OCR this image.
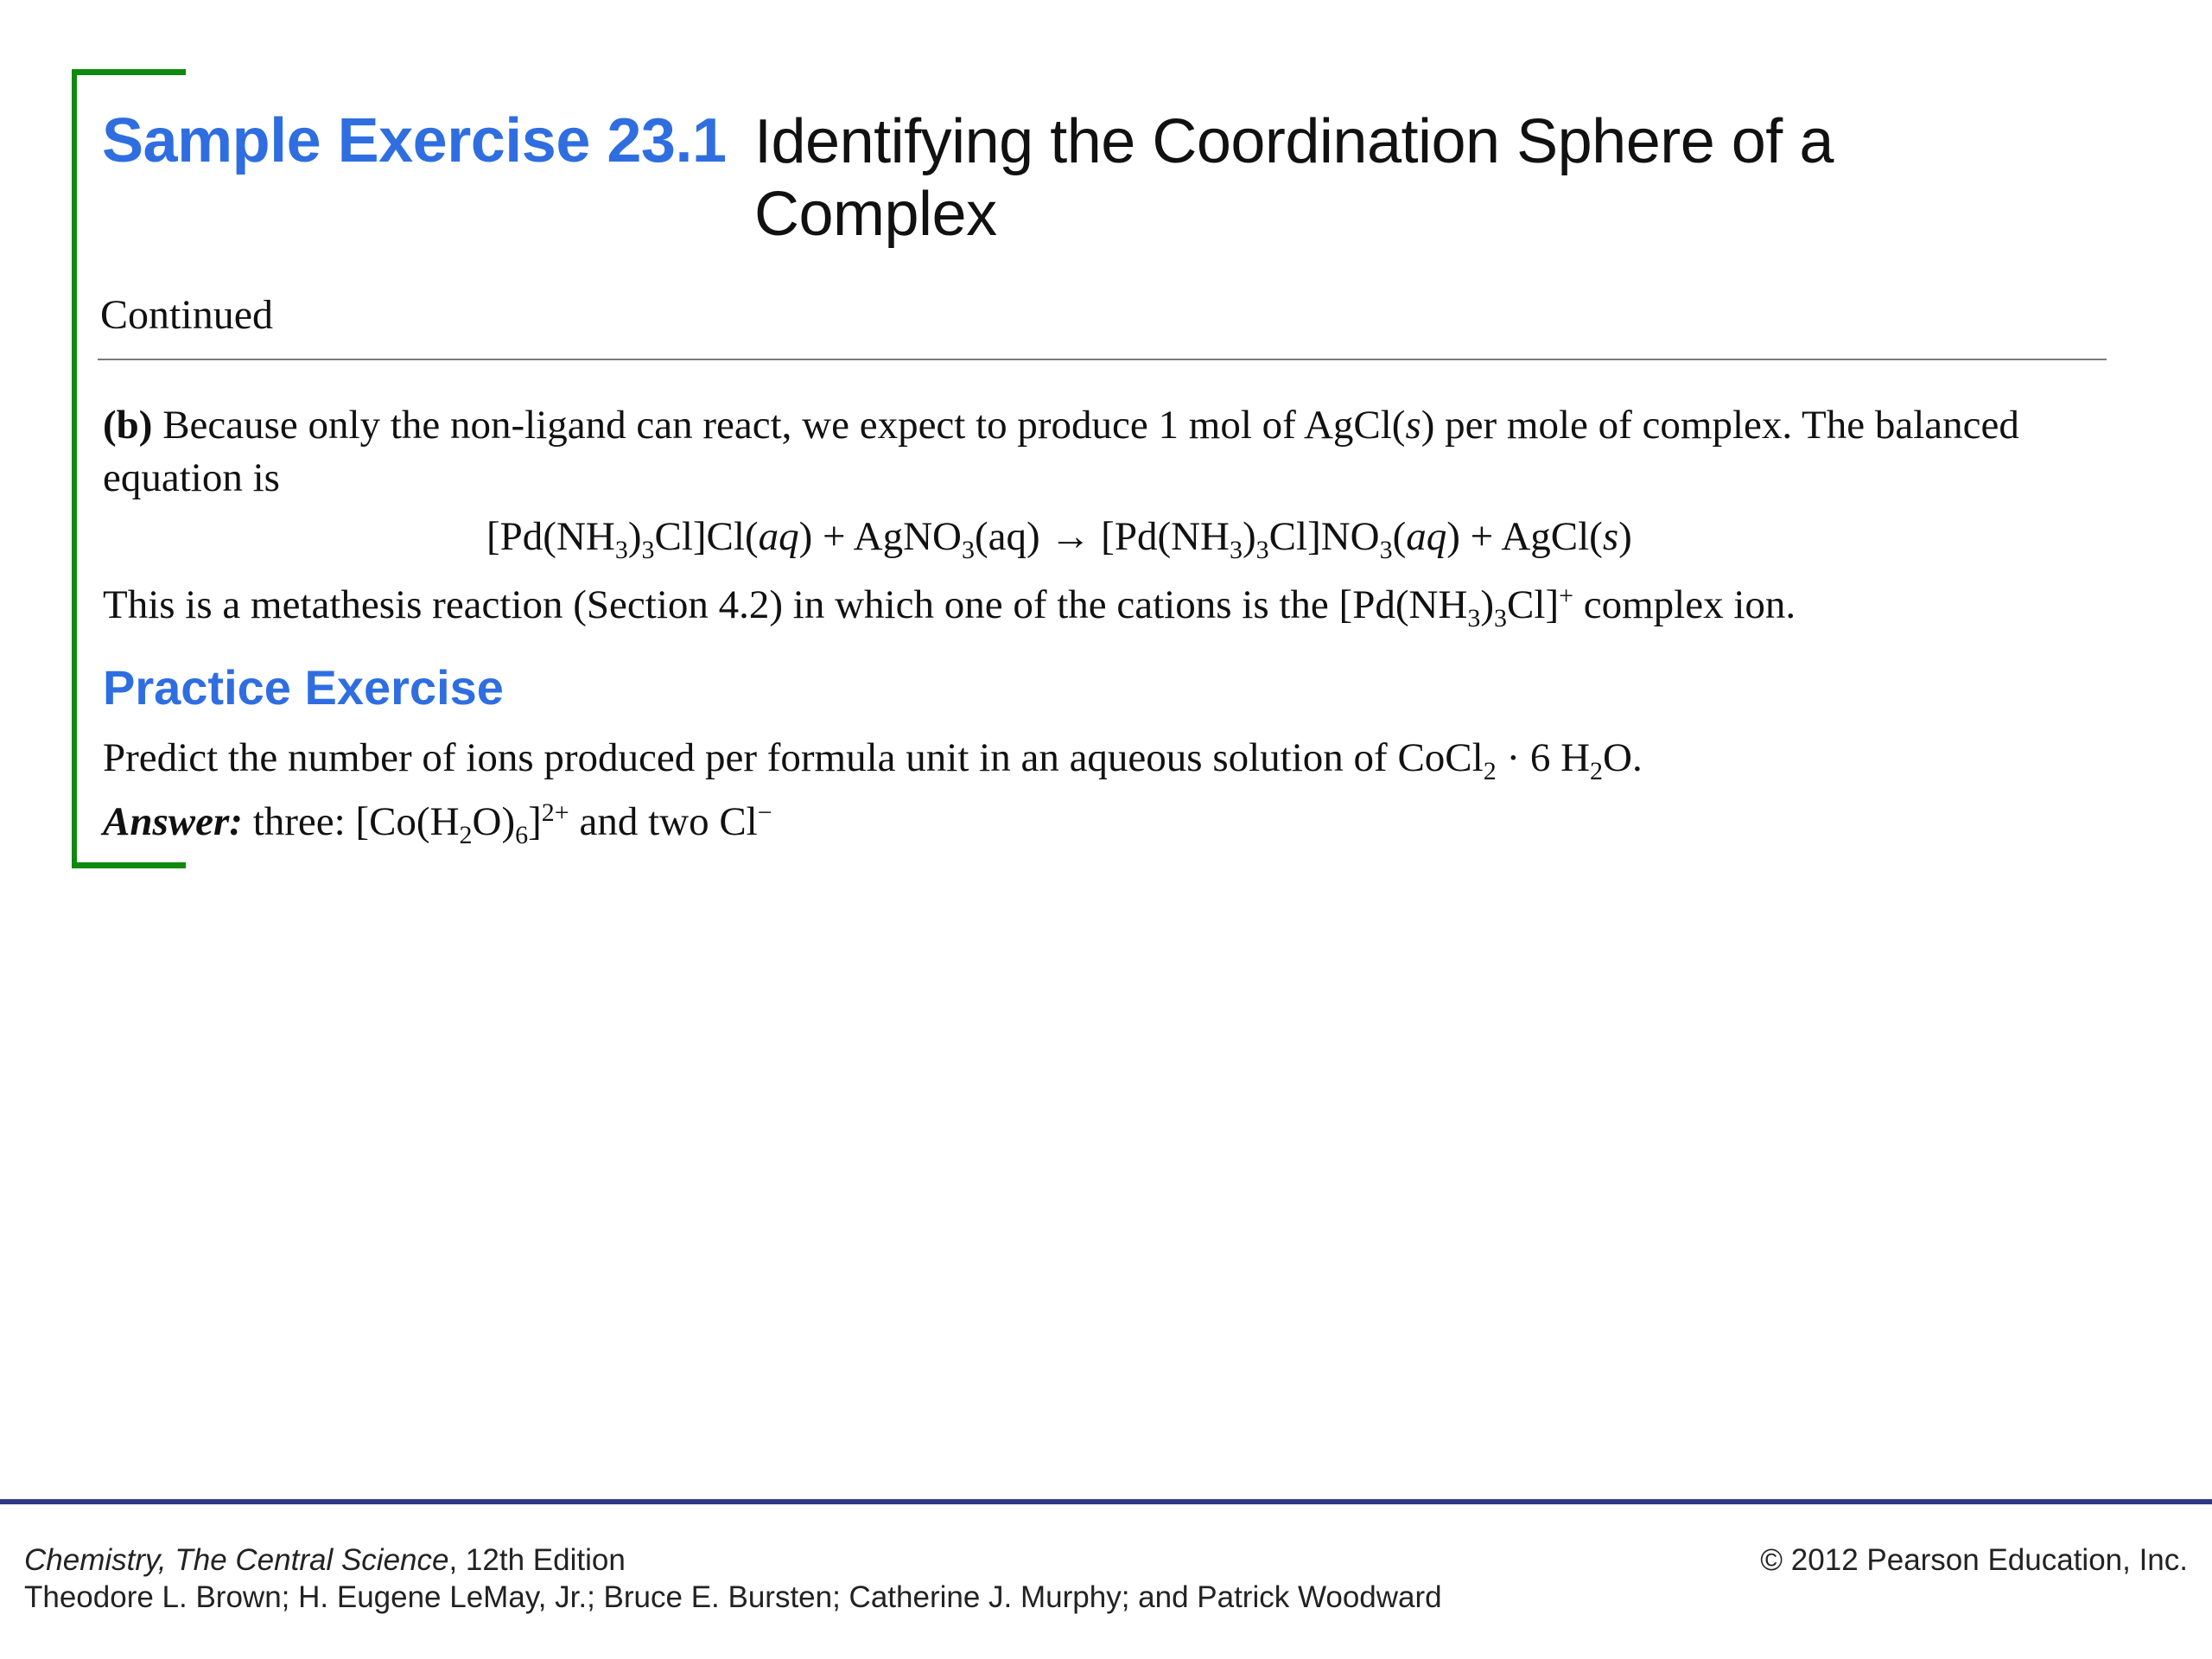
Sample Exercise 23.1 Identifying the Coordination Sphere of a Complex
Continued
(b) Because only the non-ligand can react, we expect to produce 1 mol of AgCl(s) per mole of complex. The balanced equation is
$[Pd(NH_3)_3Cl]Cl(aq)$ + AgNO$_3$(aq) → $[Pd(NH_3)_3Cl]NO_3(aq)$ + AgCl(s)
This is a metathesis reaction (Section 4.2) in which one of the cations is the $[Pd(NH_3)_3Cl]^+$ complex ion.
Practice Exercise
Predict the number of ions produced per formula unit in an aqueous solution of CoCl$_2$ · 6 $H_2O$.
Answer: three: $[Co(H_2O)_6]^{2+}$ and two Cl−
Chemistry, The Central Science, 12th Edition
Theodore L. Brown; H. Eugene LeMay, Jr.; Bruce E. Bursten; Catherine J. Murphy; and Patrick Woodward
© 2012 Pearson Education, Inc.
